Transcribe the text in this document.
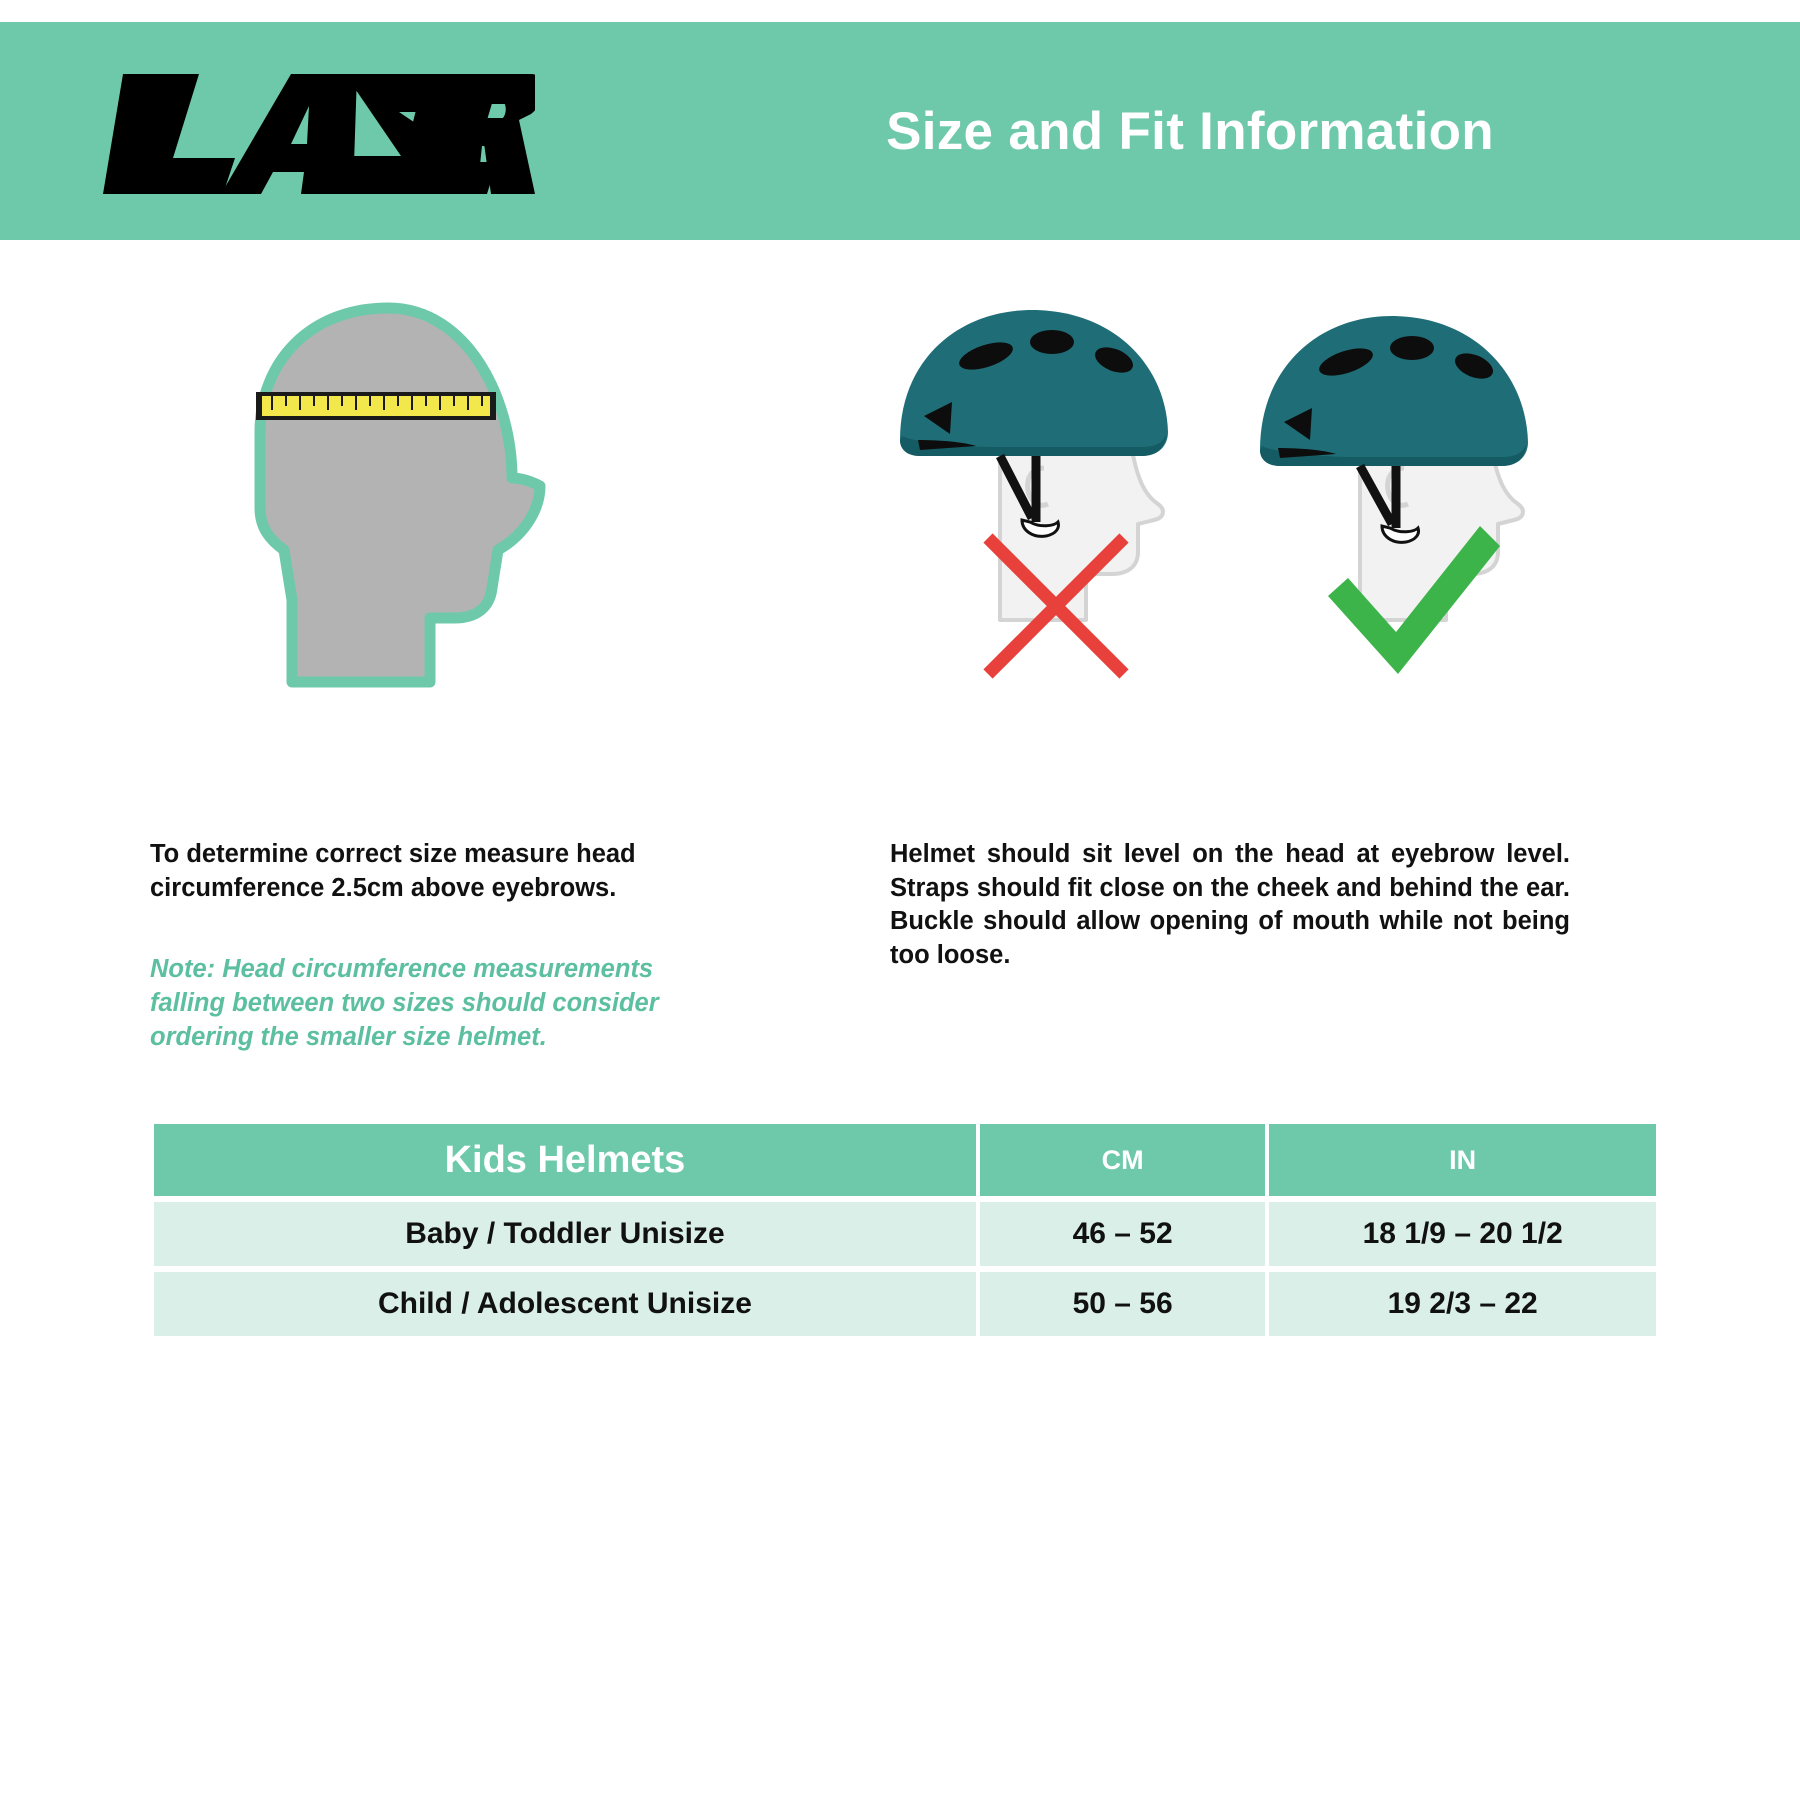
Size and Fit Information

To determine correct size measure head circumference 2.5cm above eyebrows.

Note: Head circumference measurements falling between two sizes should consider ordering the smaller size helmet.

Helmet should sit level on the head at eyebrow level. Straps should fit close on the cheek and behind the ear. Buckle should allow opening of mouth while not being too loose.

Kids Helmets	CM	IN
Baby / Toddler Unisize	46 – 52	18 1/9 – 20 1/2
Child / Adolescent Unisize	50 – 56	19 2/3 – 22
